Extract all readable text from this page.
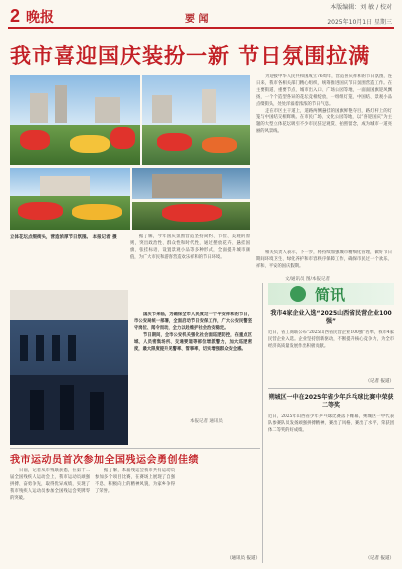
2 晚报	要 闻
本版编辑：刘 敏 / 校对
2025年10月1日 星期三
我市喜迎国庆装扮一新 节日氛围拉满

为迎接中华人民共和国成立76周年，营造喜庆祥和的节日氛围，连日来，我市各相关部门精心组织，统筹推进国庆节日氛围营造工作。在主要街道、重要节点、城市出入口、广场公园等地，一面面国旗迎风飘扬，一个个造型各异的花坛竞相绽放，一组组灯笼、中国结、景观小品点缀街头，处处洋溢着浓浓的节日气息。

走在市区主干道上，道路两侧悬挂的国旗鲜艳夺目，路灯杆上的灯笼与中国结交相辉映。在市民广场、文化公园等地，以“喜迎国庆”为主题的大型立体花坛吸引不少市民驻足观赏、拍照留念，成为城市一道亮丽的风景线。

据了解，今年国庆氛围营造坚持简约、节俭、美观的原则，突出政治性、群众性和时代性，通过摆放花卉、悬挂国旗、张挂标语、设置景观小品等多种形式，全面提升城市颜值，为广大市民和游客营造欢乐祥和的节日环境。

相关负责人表示，下一步，将持续加强城市精细化管理，做好节日期间环境卫生、绿化养护和市容秩序保障工作，确保市民过一个欢乐、祥和、平安的国庆假期。

立体花坛点缀街头，营造浓厚节日氛围。 本报记者 摄
文/通讯员 图/本报记者
简讯

国庆节来临，为确保全市人民度过一个平安祥和的节日，市公安局统一部署，全面启动节日安保工作，广大公安民警坚守岗位、闻令而动，全力以赴维护社会治安稳定。

节日期间，全市公安机关强化社会面巡逻防控，在重点区域、人员密集场所、交通要道等部位增派警力，加大巡逻密度，最大限度提升见警率、管事率，切实增强群众安全感。

本报记者 通讯员
我市4家企业入选“2025山西省民营企业100强”
近日，省工商联公布“2025山西省民营企业100强”名单，我市4家民营企业入选。企业坚持创新驱动，不断提升核心竞争力，为全市经济高质量发展作出积极贡献。
（记者 报道）
朔城区一中在2025年省少年乒乓球比赛中荣获二等奖
近日，2025年山西省少年乒乓球比赛落下帷幕，朔城区一中代表队参赛队员发扬顽强拼搏精神，赛出了风格、赛出了水平，荣获团体二等奖的好成绩。
（记者 报道）
我市运动员首次参加全国残运会勇创佳绩

日前，记者从市残联获悉，在第十二届全国残疾人运动会上，我市运动员顽强拼搏、奋勇争先，取得优异成绩，实现了我市残疾人运动员参加全国残运会奖牌零的突破。

据了解，本届残运会我市共有运动员参加多个项目比赛，在赛场上展现了自强不息、积极向上的精神风貌，为家乡争得了荣誉。

（通讯员 报道）
